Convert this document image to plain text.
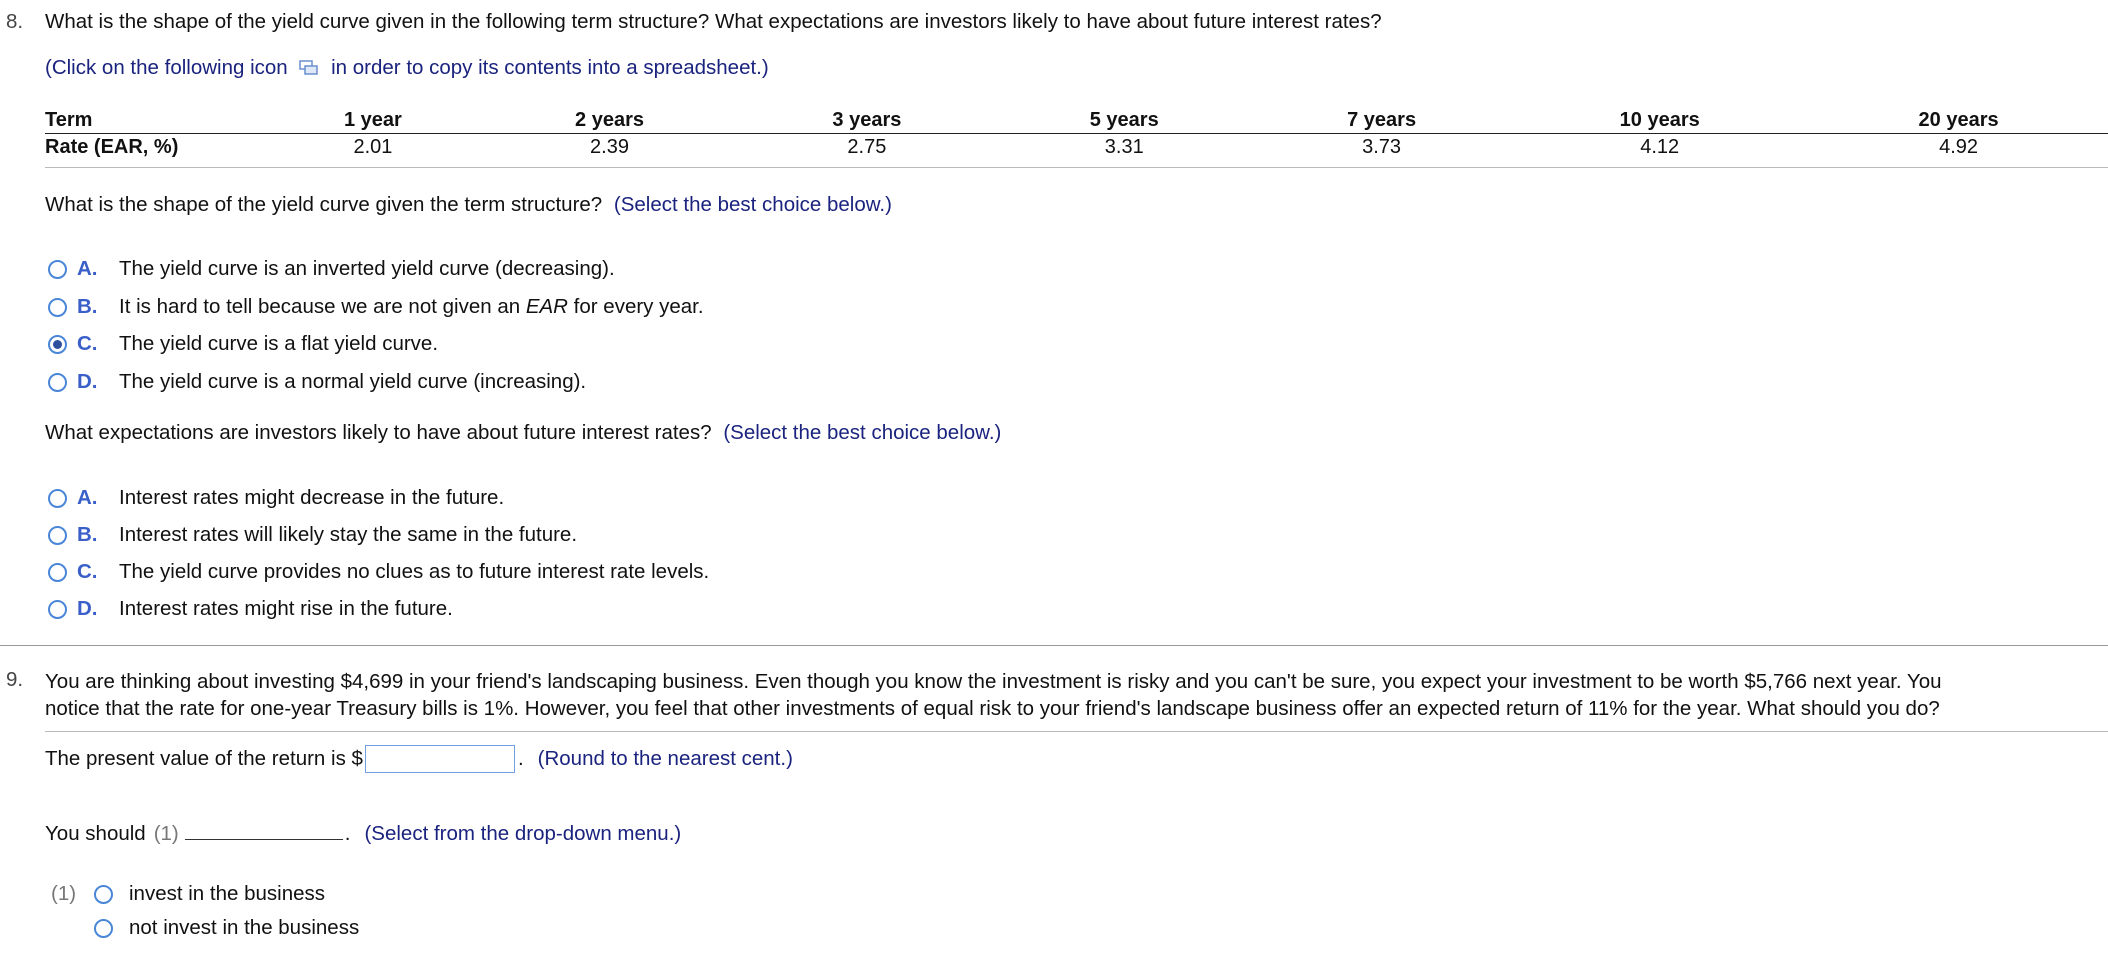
8. What is the shape of the yield curve given in the following term structure? What expectations are investors likely to have about future interest rates?
(Click on the following icon in order to copy its contents into a spreadsheet.)
Term	1 year	2 years	3 years	5 years	7 years	10 years	20 years
Rate (EAR, %)	2.01	2.39	2.75	3.31	3.73	4.12	4.92
What is the shape of the yield curve given the term structure? (Select the best choice below.)
A.	The yield curve is an inverted yield curve (decreasing).
B.	It is hard to tell because we are not given an EAR for every year.
C.	The yield curve is a flat yield curve.
D.	The yield curve is a normal yield curve (increasing).
What expectations are investors likely to have about future interest rates? (Select the best choice below.)
A.	Interest rates might decrease in the future.
B.	Interest rates will likely stay the same in the future.
C.	The yield curve provides no clues as to future interest rate levels.
D.	Interest rates might rise in the future.
9. You are thinking about investing $4,699 in your friend's landscaping business. Even though you know the investment is risky and you can't be sure, you expect your investment to be worth $5,766 next year. You
notice that the rate for one-year Treasury bills is 1%. However, you feel that other investments of equal risk to your friend's landscape business offer an expected return of 11% for the year. What should you do?
The present value of the return is $	. (Round to the nearest cent.)
You should (1)	. (Select from the drop-down menu.)
(1)	invest in the business
not invest in the business
